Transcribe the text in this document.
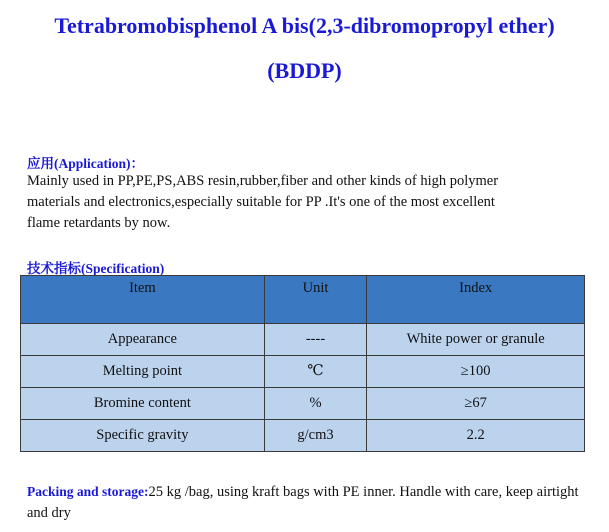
Tetrabromobisphenol A bis(2,3-dibromopropyl ether)
(BDDP)
应用(Application)：
Mainly used in PP,PE,PS,ABS resin,rubber,fiber and other kinds of high polymer
materials and electronics,especially suitable for PP .It's one of the most excellent
flame retardants by now.
技术指标(Specification)
Item	Unit	Index
Appearance	----	White power or granule
Melting point	℃	≥100
Bromine content	%	≥67
Specific gravity	g/cm3	2.2
Packing and storage:25 kg /bag, using kraft bags with PE inner. Handle with care, keep airtight and dry
